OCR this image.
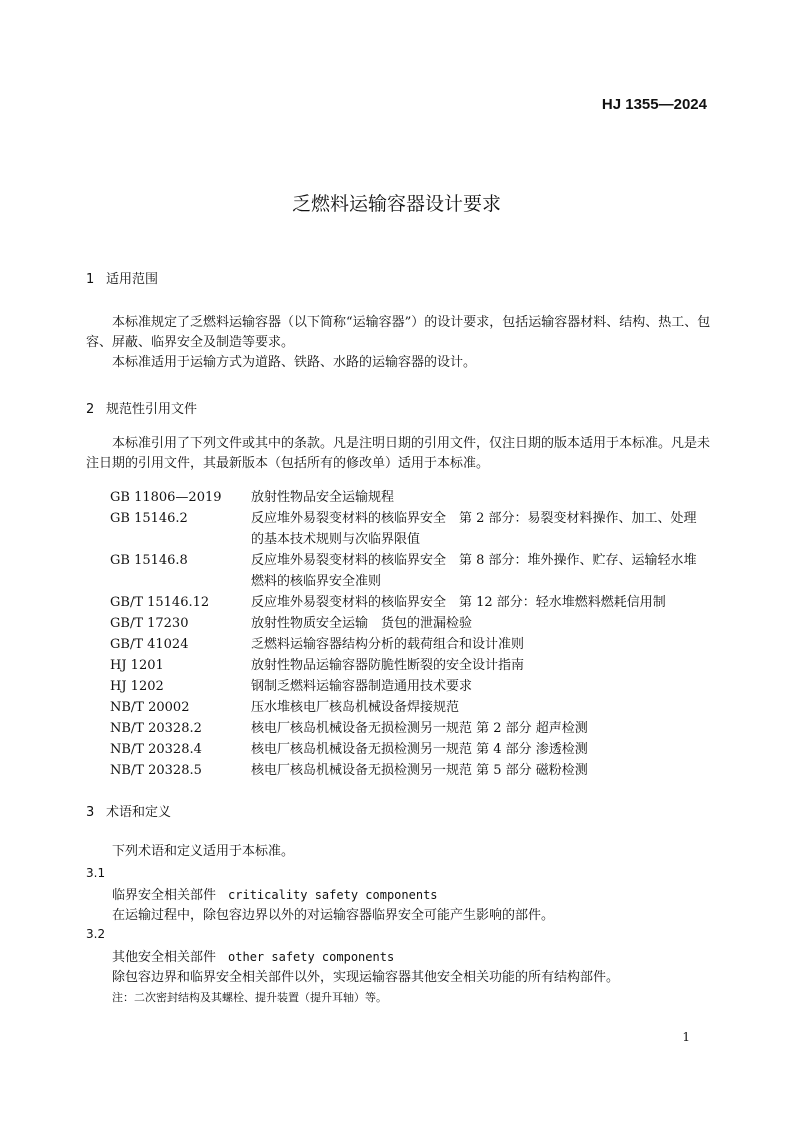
HJ 1355—2024
乏燃料运输容器设计要求
1 适用范围
本标准规定了乏燃料运输容器（以下简称“运输容器”）的设计要求，包括运输容器材料、结构、热工、包容、屏蔽、临界安全及制造等要求。
本标准适用于运输方式为道路、铁路、水路的运输容器的设计。
2 规范性引用文件
本标准引用了下列文件或其中的条款。凡是注明日期的引用文件，仅注日期的版本适用于本标准。凡是未注日期的引用文件，其最新版本（包括所有的修改单）适用于本标准。
GB 11806—2019	放射性物品安全运输规程
GB 15146.2	反应堆外易裂变材料的核临界安全　第 2 部分：易裂变材料操作、加工、处理的基本技术规则与次临界限值
GB 15146.8	反应堆外易裂变材料的核临界安全　第 8 部分：堆外操作、贮存、运输轻水堆燃料的核临界安全准则
GB/T 15146.12	反应堆外易裂变材料的核临界安全　第 12 部分：轻水堆燃料燃耗信用制
GB/T 17230	放射性物质安全运输　货包的泄漏检验
GB/T 41024	乏燃料运输容器结构分析的载荷组合和设计准则
HJ 1201	放射性物品运输容器防脆性断裂的安全设计指南
HJ 1202	钢制乏燃料运输容器制造通用技术要求
NB/T 20002	压水堆核电厂核岛机械设备焊接规范
NB/T 20328.2	核电厂核岛机械设备无损检测另一规范 第 2 部分 超声检测
NB/T 20328.4	核电厂核岛机械设备无损检测另一规范 第 4 部分 渗透检测
NB/T 20328.5	核电厂核岛机械设备无损检测另一规范 第 5 部分 磁粉检测
3 术语和定义
下列术语和定义适用于本标准。
3.1
临界安全相关部件 criticality safety components
在运输过程中，除包容边界以外的对运输容器临界安全可能产生影响的部件。
3.2
其他安全相关部件 other safety components
除包容边界和临界安全相关部件以外，实现运输容器其他安全相关功能的所有结构部件。
注：二次密封结构及其螺栓、提升装置（提升耳轴）等。
1
